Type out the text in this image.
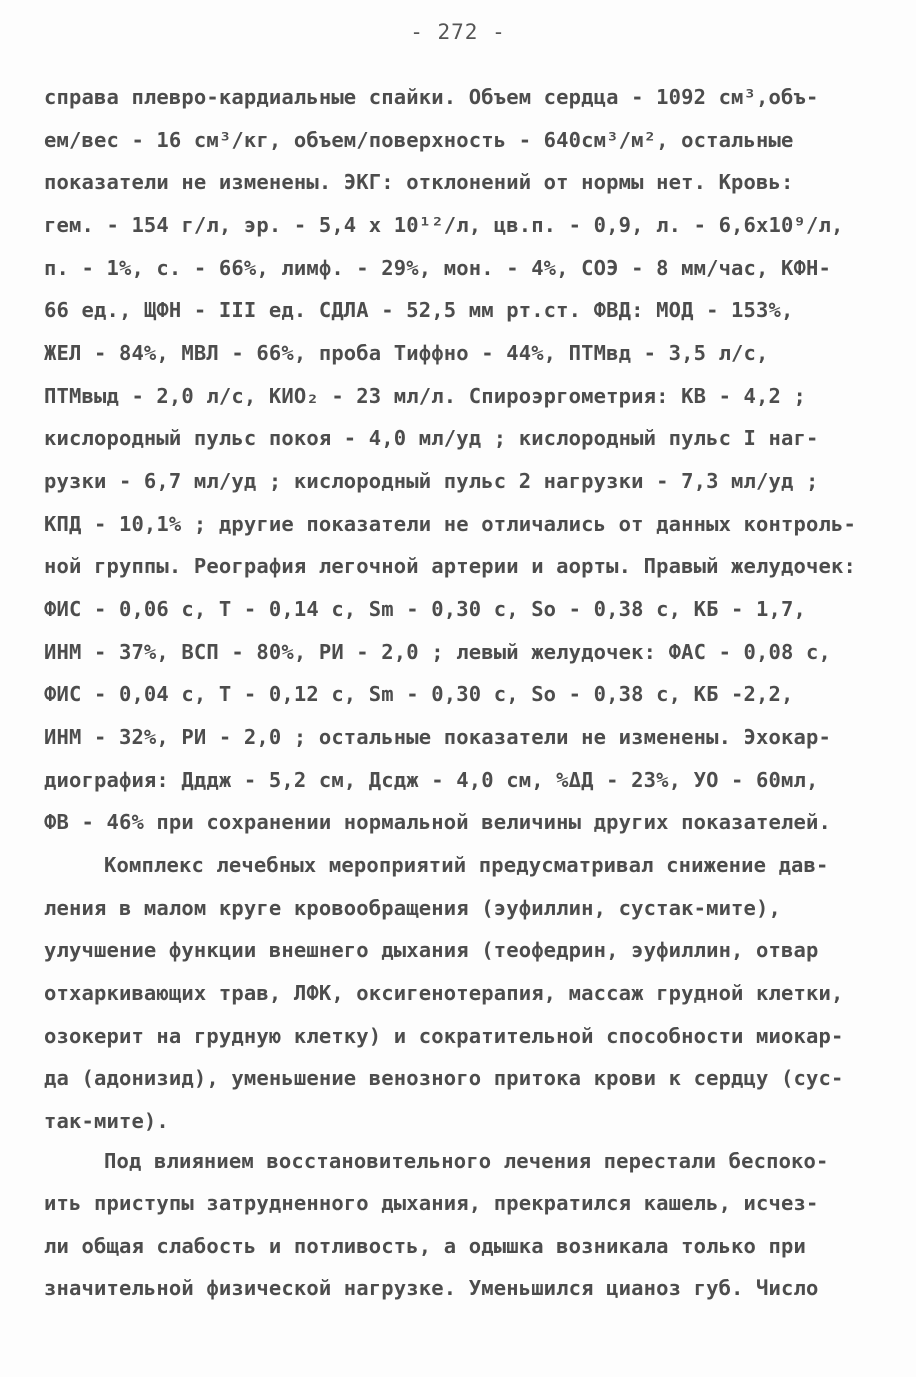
- 272 -
справа плевро-кардиальные спайки. Объем сердца - 1092 см³,объ-
ем/вес - 16 см³/кг, объем/поверхность - 640см³/м², остальные
показатели не изменены. ЭКГ: отклонений от нормы нет. Кровь:
гем. - 154 г/л, эр. - 5,4 x 10¹²/л, цв.п. - 0,9, л. - 6,6x10⁹/л,
п. - 1%, с. - 66%, лимф. - 29%, мон. - 4%, СОЭ - 8 мм/час, КФН-
66 ед., ЩФН - III ед. СДЛА - 52,5 мм рт.ст. ФВД: МОД - 153%,
ЖЕЛ - 84%, МВЛ - 66%, проба Тиффно - 44%, ПТМвд - 3,5 л/с,
ПТМвыд - 2,0 л/с, КИО₂ - 23 мл/л. Спироэргометрия: КВ - 4,2 ;
кислородный пульс покоя - 4,0 мл/уд ; кислородный пульс I наг-
рузки - 6,7 мл/уд ; кислородный пульс 2 нагрузки - 7,3 мл/уд ;
КПД - 10,1% ; другие показатели не отличались от данных контроль-
ной группы. Реография легочной артерии и аорты. Правый желудочек:
ФИС - 0,06 с, Т - 0,14 с, Sm - 0,30 с, So - 0,38 с, КБ - 1,7,
ИНМ - 37%, ВСП - 80%, РИ - 2,0 ; левый желудочек: ФАС - 0,08 с,
ФИС - 0,04 с, Т - 0,12 с, Sm - 0,30 с, So - 0,38 с, КБ -2,2,
ИНМ - 32%, РИ - 2,0 ; остальные показатели не изменены. Эхокар-
диография: Дддж - 5,2 см, Дсдж - 4,0 см, %ΔД - 23%, УО - 60мл,
ФВ - 46% при сохранении нормальной величины других показателей.
Комплекс лечебных мероприятий предусматривал снижение дав-
ления в малом круге кровообращения (эуфиллин, сустак-мите),
улучшение функции внешнего дыхания (теофедрин, эуфиллин, отвар
отхаркивающих трав, ЛФК, оксигенотерапия, массаж грудной клетки,
озокерит на грудную клетку) и сократительной способности миокар-
да (адонизид), уменьшение венозного притока крови к сердцу (сус-
так-мите).
Под влиянием восстановительного лечения перестали беспоко-
ить приступы затрудненного дыхания, прекратился кашель, исчез-
ли общая слабость и потливость, а одышка возникала только при
значительной физической нагрузке. Уменьшился цианоз губ. Число
